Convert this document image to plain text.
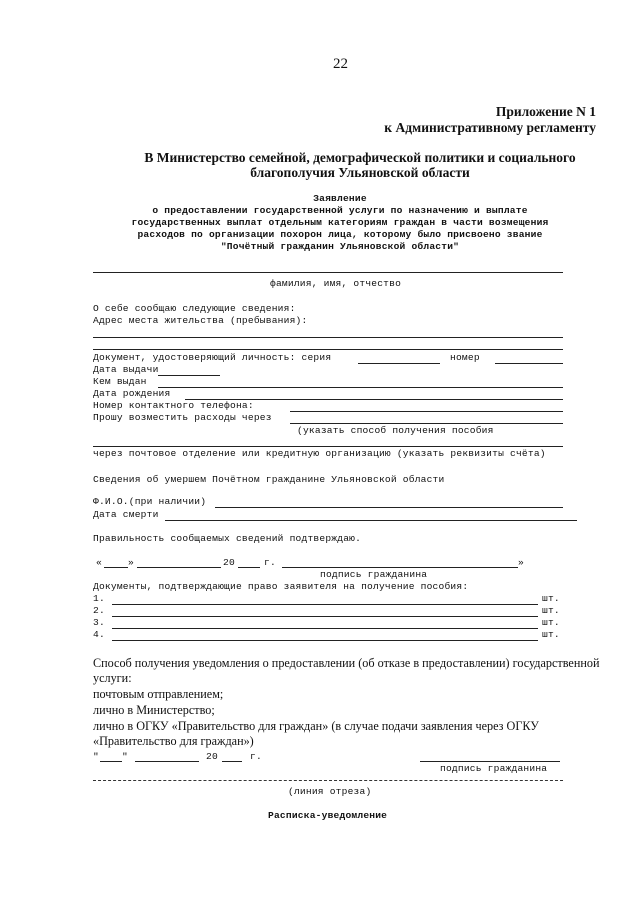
22
Приложение N 1
к Административному регламенту
В Министерство семейной, демографической политики и социального
благополучия Ульяновской области
Заявление
о предоставлении государственной услуги по назначению и выплате
государственных выплат отдельным категориям граждан в части возмещения
расходов по организации похорон лица, которому было присвоено звание
"Почётный гражданин Ульяновской области"
фамилия, имя, отчество
О себе сообщаю следующие сведения:
Адрес места жительства (пребывания):
Документ, удостоверяющий личность: серия	номер
Дата выдачи
Кем выдан
Дата рождения
Номер контактного телефона:
Прошу возместить расходы через
(указать способ получения пособия
через почтовое отделение или кредитную организацию (указать реквизиты счёта)
Сведения об умершем Почётном гражданине Ульяновской области
Ф.И.О.(при наличии)
Дата смерти
Правильность сообщаемых сведений подтверждаю.
«	»	20	г.	»
подпись гражданина
Документы, подтверждающие право заявителя на получение пособия:
1.	шт.
2.	шт.
3.	шт.
4.	шт.
Способ получения уведомления о предоставлении (об отказе в предоставлении) государственной
услуги:
почтовым отправлением;
лично в Министерство;
лично в ОГКУ «Правительство для граждан» (в случае подачи заявления через ОГКУ
«Правительство для граждан»)
" "	20	г.
подпись гражданина
(линия отреза)
Расписка-уведомление
